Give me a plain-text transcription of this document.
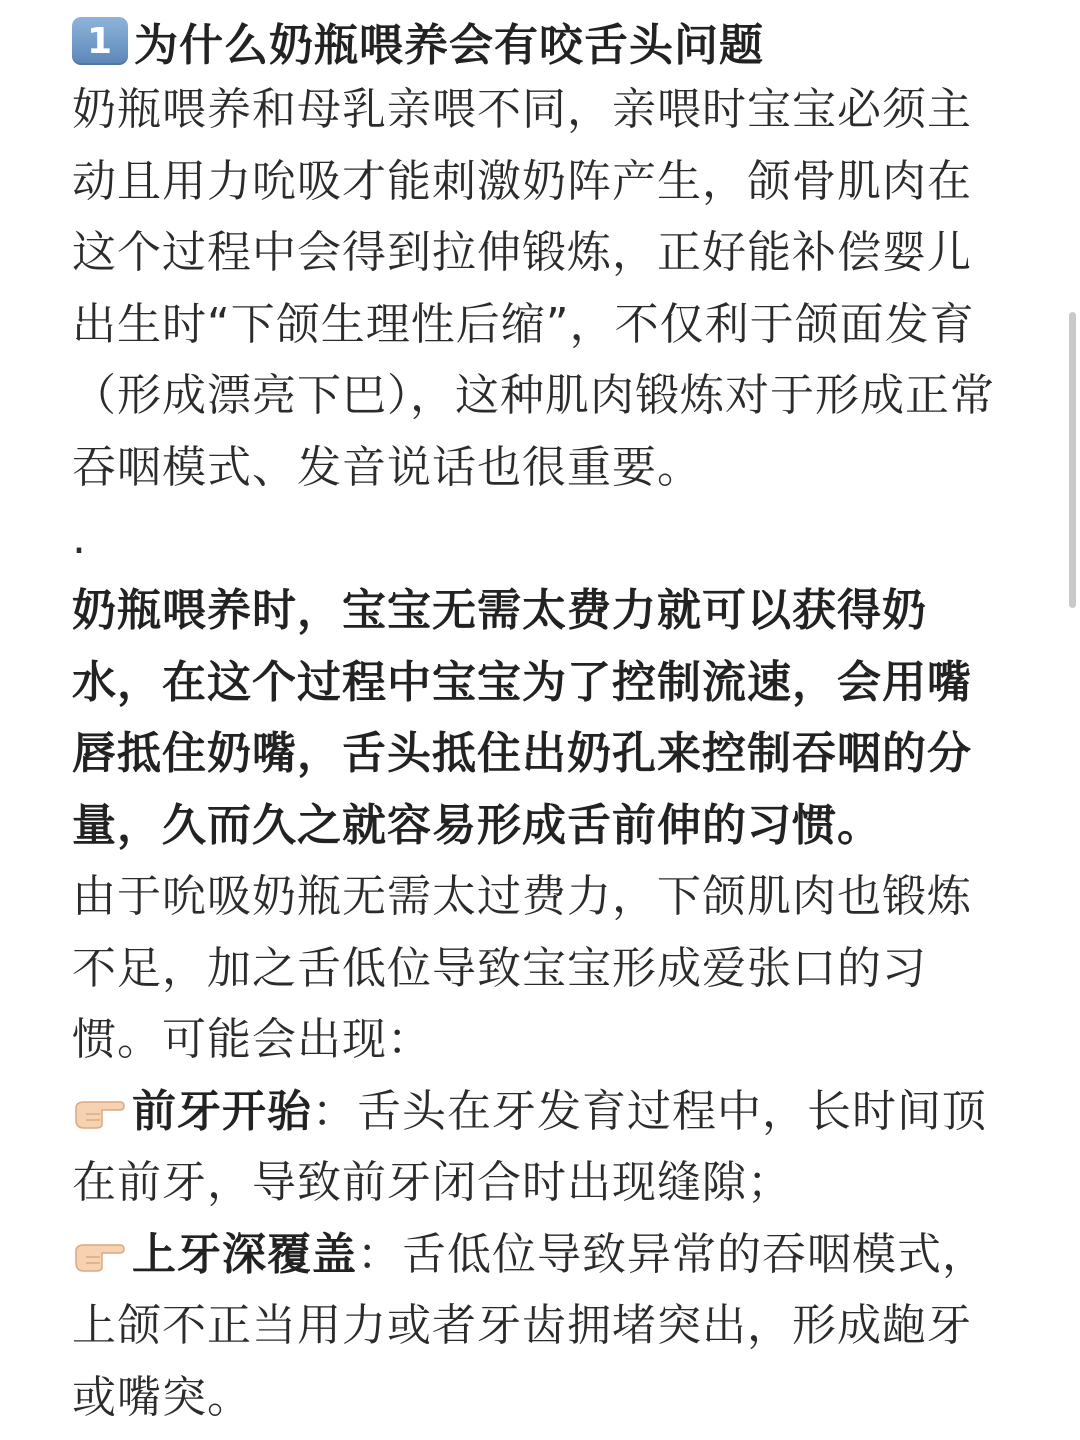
1 为什么奶瓶喂养会有咬舌头问题

奶瓶喂养和母乳亲喂不同，亲喂时宝宝必须主动且用力吮吸才能刺激奶阵产生，颌骨肌肉在这个过程中会得到拉伸锻炼，正好能补偿婴儿出生时“下颌生理性后缩”，不仅利于颌面发育（形成漂亮下巴），这种肌肉锻炼对于形成正常吞咽模式、发音说话也很重要。

.

奶瓶喂养时，宝宝无需太费力就可以获得奶水，在这个过程中宝宝为了控制流速，会用嘴唇抵住奶嘴，舌头抵住出奶孔来控制吞咽的分量，久而久之就容易形成舌前伸的习惯。

由于吮吸奶瓶无需太过费力，下颌肌肉也锻炼不足，加之舌低位导致宝宝形成爱张口的习惯。可能会出现：

前牙开骀：舌头在牙发育过程中，长时间顶在前牙，导致前牙闭合时出现缝隙；
上牙深覆盖：舌低位导致异常的吞咽模式，上颌不正当用力或者牙齿拥堵突出，形成龅牙或嘴突。
